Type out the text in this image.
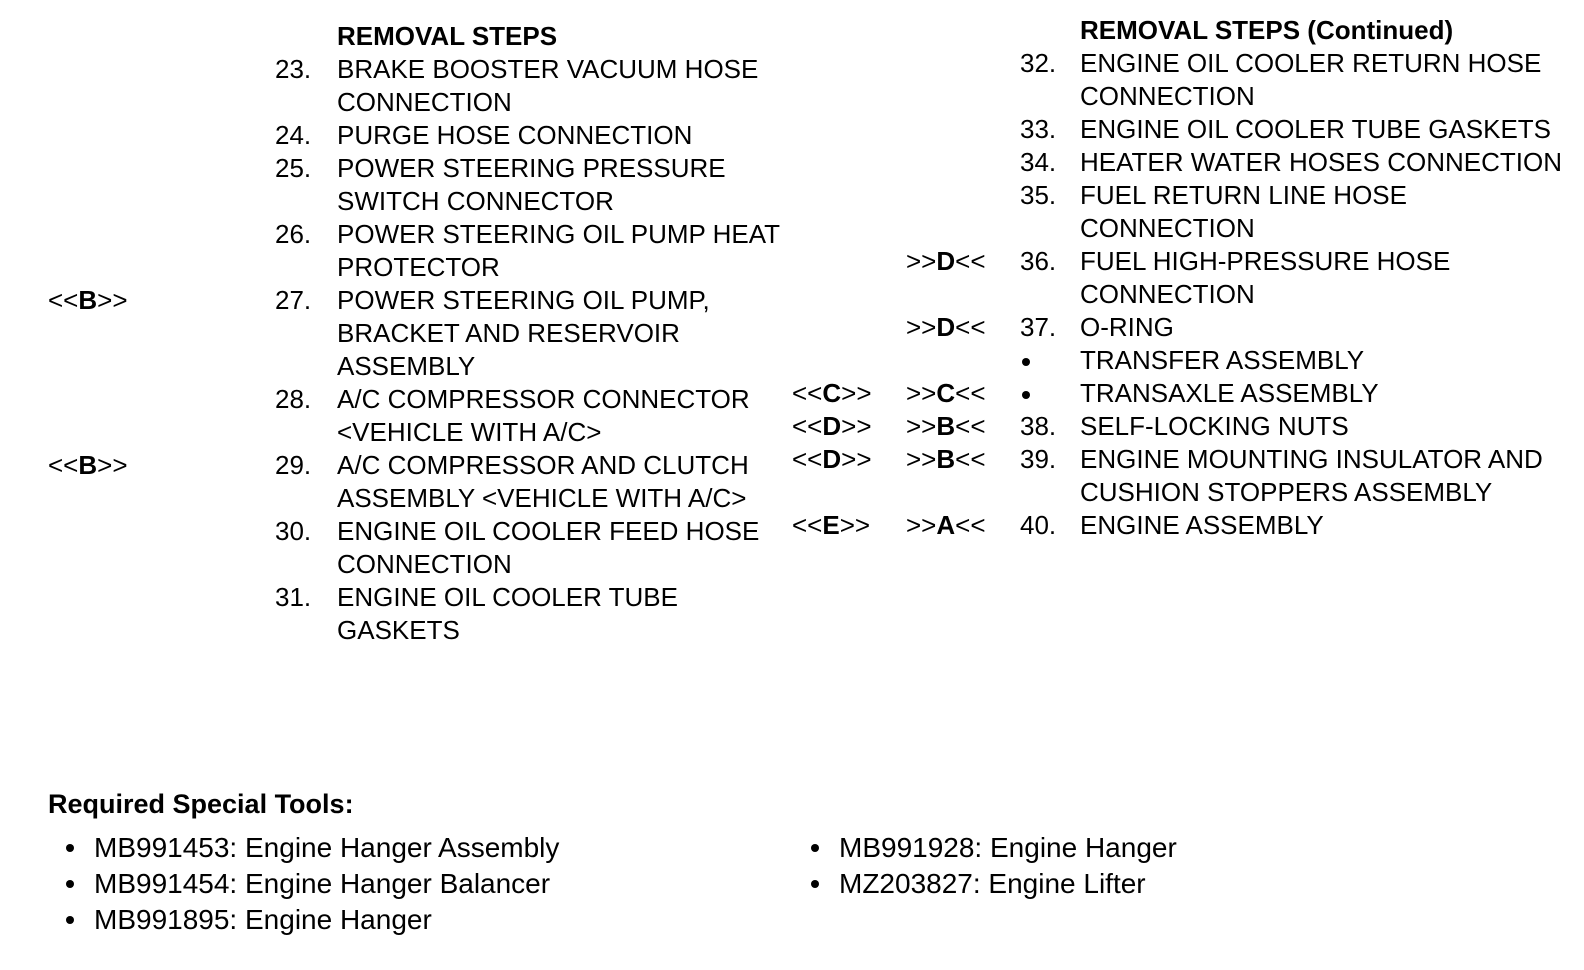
REMOVAL STEPS
23. BRAKE BOOSTER VACUUM HOSE CONNECTION
24. PURGE HOSE CONNECTION
25. POWER STEERING PRESSURE SWITCH CONNECTOR
26. POWER STEERING OIL PUMP HEAT PROTECTOR
<<B>>	27. POWER STEERING OIL PUMP, BRACKET AND RESERVOIR ASSEMBLY
28. A/C COMPRESSOR CONNECTOR <VEHICLE WITH A/C>
<<B>>	29. A/C COMPRESSOR AND CLUTCH ASSEMBLY <VEHICLE WITH A/C>
30. ENGINE OIL COOLER FEED HOSE CONNECTION
31. ENGINE OIL COOLER TUBE GASKETS
REMOVAL STEPS (Continued)
32. ENGINE OIL COOLER RETURN HOSE CONNECTION
33. ENGINE OIL COOLER TUBE GASKETS
34. HEATER WATER HOSES CONNECTION
35. FUEL RETURN LINE HOSE CONNECTION
>>D<<	36. FUEL HIGH-PRESSURE HOSE CONNECTION
>>D<<	37. O-RING
TRANSFER ASSEMBLY
<<C>>	>>C<<	TRANSAXLE ASSEMBLY
<<D>>	>>B<<	38. SELF-LOCKING NUTS
<<D>>	>>B<<	39. ENGINE MOUNTING INSULATOR AND CUSHION STOPPERS ASSEMBLY
<<E>>	>>A<<	40. ENGINE ASSEMBLY
Required Special Tools:
MB991453: Engine Hanger Assembly
MB991454: Engine Hanger Balancer
MB991895: Engine Hanger
MB991928: Engine Hanger
MZ203827: Engine Lifter
